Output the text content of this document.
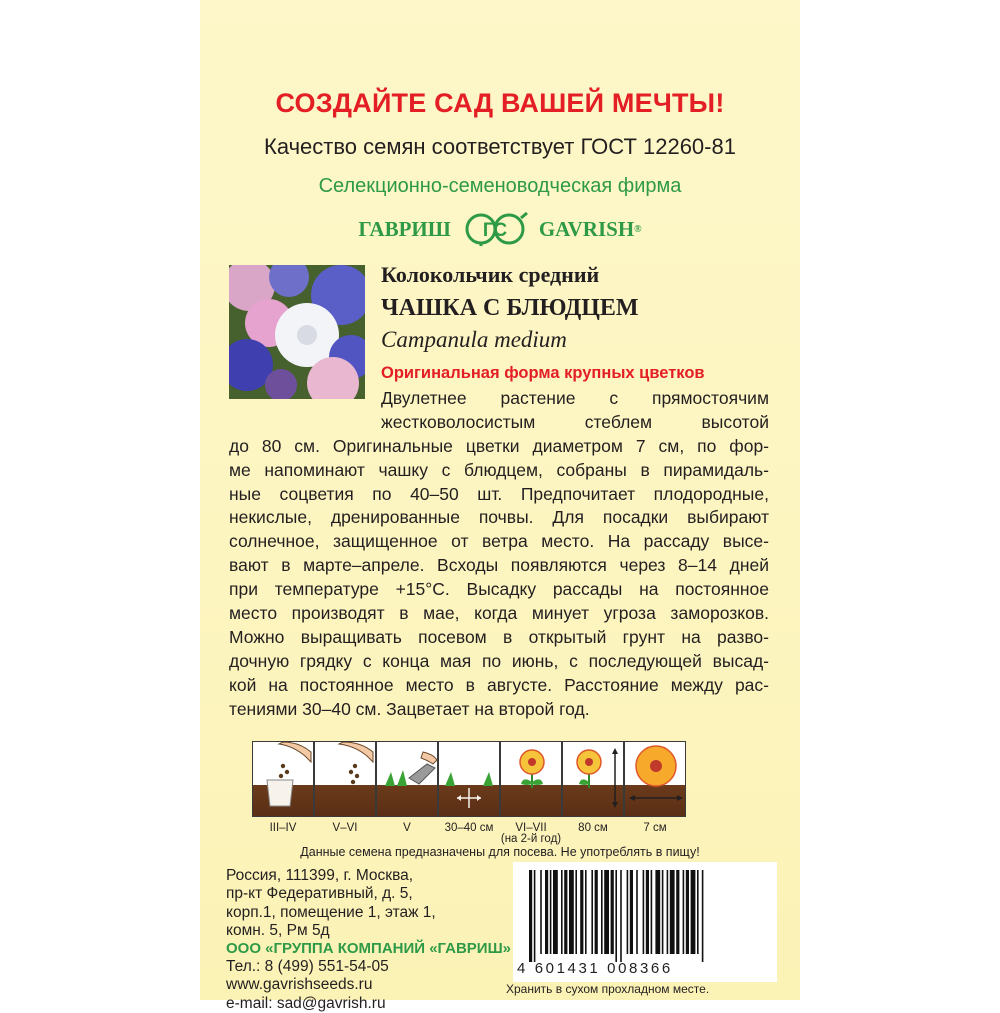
СОЗДАЙТЕ САД ВАШЕЙ МЕЧТЫ!
Качество семян соответствует ГОСТ 12260-81
Селекционно-семеноводческая фирма
ГАВРИШ ГС GAVRISH ®
Колокольчик средний
ЧАШКА С БЛЮДЦЕМ
Campanula medium
Оригинальная форма крупных цветков
Двулетнее растение с прямостоячим
жестковолосистым стеблем высотой
до 80 см. Оригинальные цветки диаметром 7 см, по фор-
ме напоминают чашку с блюдцем, собраны в пирамидаль-
ные соцветия по 40–50 шт. Предпочитает плодородные,
некислые, дренированные почвы. Для посадки выбирают
солнечное, защищенное от ветра место. На рассаду высе-
вают в марте–апреле. Всходы появляются через 8–14 дней
при температуре +15°С. Высадку рассады на постоянное
место производят в мае, когда минует угроза заморозков.
Можно выращивать посевом в открытый грунт на разво-
дочную грядку с конца мая по июнь, с последующей высад-
кой на постоянное место в августе. Расстояние между рас-
тениями 30–40 см. Зацветает на второй год.
III–IV	V–VI	V	30–40 см	VI–VII
(на 2-й год)
80 см	7 см
Данные семена предназначены для посева. Не употреблять в пищу!
Россия, 111399, г. Москва,
пр-кт Федеративный, д. 5,
корп.1, помещение 1, этаж 1,
комн. 5, Рм 5д
ООО «ГРУППА КОМПАНИЙ «ГАВРИШ»
Тел.: 8 (499) 551-54-05
www.gavrishseeds.ru
e-mail: sad@gavrish.ru
4 601431 008366
Хранить в сухом прохладном месте.
